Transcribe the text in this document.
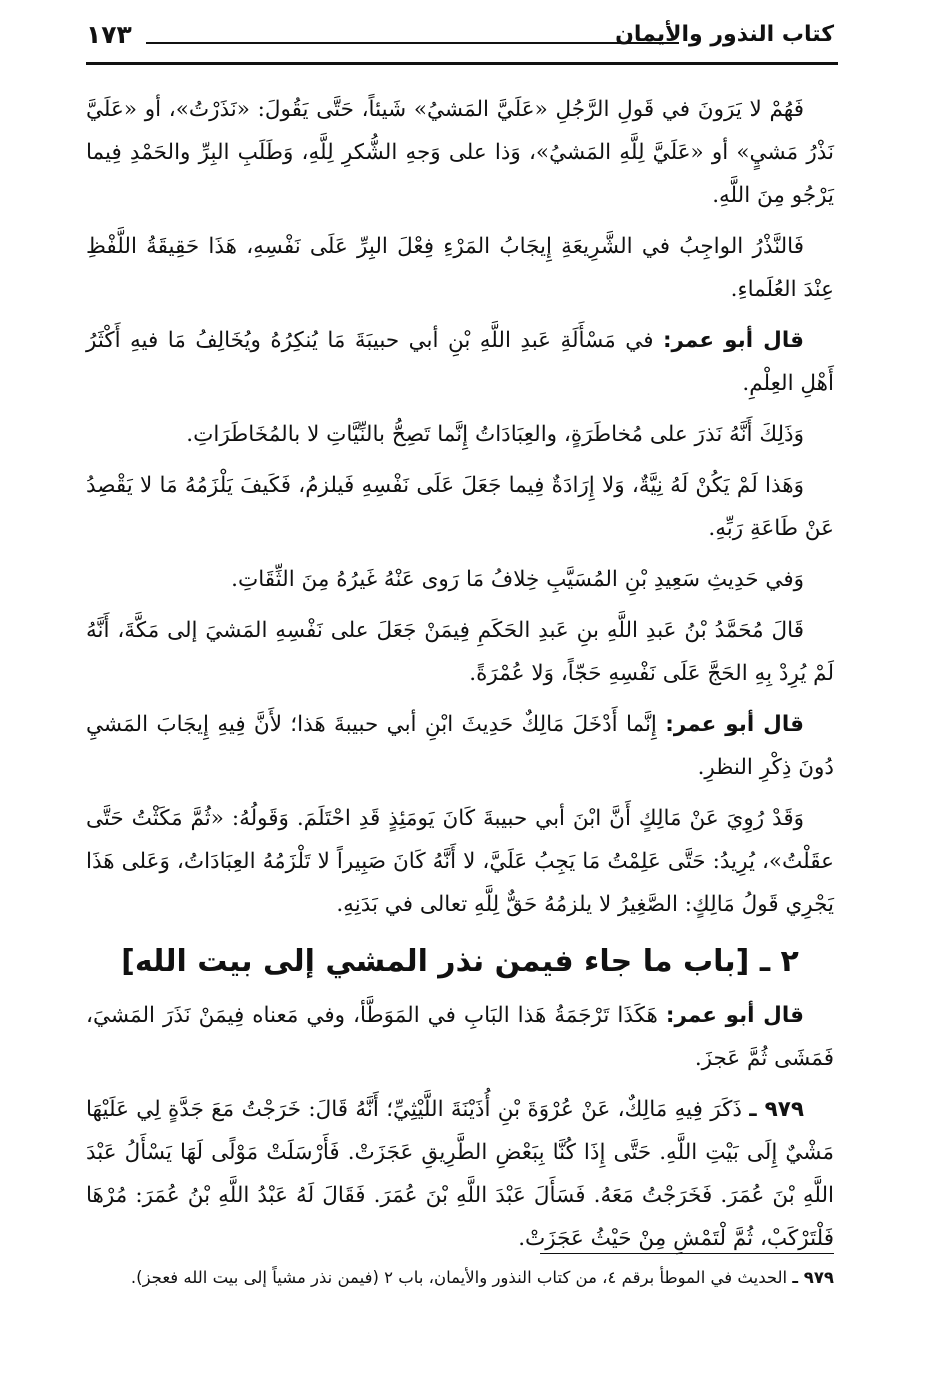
كتاب النذور والأيمان
١٧٣

فَهُمْ لا يَرَونَ في قَولِ الرَّجُلِ «عَلَيَّ المَشيُ» شَيئاً، حَتَّى يَقُولَ: «نَذَرْتُ»، أو «عَلَيَّ نَذْرُ مَشيٍ» أو «عَلَيَّ لِلَّهِ المَشيُ»، وَذا على وَجهِ الشُّكرِ لِلَّهِ، وَطَلَبِ البِرِّ والحَمْدِ فِيما يَرْجُو مِنَ اللَّهِ.

فَالنَّذْرُ الواجِبُ في الشَّرِيعَةِ إِيجَابُ المَرْءِ فِعْلَ البِرِّ عَلَى نَفْسِهِ، هَذَا حَقِيقَةُ اللَّفْظِ عِنْدَ العُلَماءِ.

قال أبو عمر: في مَسْأَلَةِ عَبدِ اللَّهِ بْنِ أبي حبيبَةَ مَا يُنكِرُهُ ويُخَالِفُ مَا فيهِ أَكْثَرُ أَهْلِ العِلْمِ.

وَذَلِكَ أَنَّهُ نَذرَ على مُخاطَرَةٍ، والعِبَادَاتُ إِنَّما تَصِحُّ بالنِّيَّاتِ لا بالمُخَاطَرَاتِ.

وَهَذا لَمْ يَكُنْ لَهُ نِيَّةٌ، وَلا إِرَادَةٌ فِيما جَعَلَ عَلَى نَفْسِهِ فَيلزمُ، فَكَيفَ يَلْزَمُهُ مَا لا يَقْصِدُ عَنْ طَاعَةِ رَبِّهِ.

وَفي حَدِيثِ سَعِيدِ بْنِ المُسَيَّبِ خِلافُ مَا رَوى عَنْهُ غَيرُهُ مِنَ الثِّقَاتِ.

قَالَ مُحَمَّدُ بْنُ عَبدِ اللَّهِ بنِ عَبدِ الحَكَمِ فِيمَنْ جَعَلَ على نَفْسِهِ المَشيَ إلى مَكَّةَ، أَنَّهُ لَمْ يُرِدْ بِهِ الحَجَّ عَلَى نَفْسِهِ حَجّاً، وَلا عُمْرَةً.

قال أبو عمر: إِنَّما أَدْخَلَ مَالِكٌ حَدِيثَ ابْنِ أبي حبيبةَ هَذا؛ لأَنَّ فِيهِ إِيجَابَ المَشيِ دُونَ ذِكْرِ النظرِ.

وَقَدْ رُوِيَ عَنْ مَالِكٍ أَنَّ ابْنَ أبي حبيبةَ كَانَ يَومَئِذٍ قَدِ احْتَلَمَ. وَقَولُهُ: «ثُمَّ مَكَثْتُ حَتَّى عقَلْتُ»، يُرِيدُ: حَتَّى عَلِمْتُ مَا يَجِبُ عَلَيَّ، لا أَنَّهُ كَانَ صَبِيراً لا تَلْزَمُهُ العِبَادَاتُ، وَعَلى هَذَا يَجْرِي قَولُ مَالِكٍ: الصَّغِيرُ لا يلزمُهُ حَقٌّ لِلَّهِ تعالى في بَدَنِهِ.

٢ ـ [باب ما جاء فيمن نذر المشي إلى بيت الله]

قال أبو عمر: هَكَذَا تَرْجَمَةُ هَذا البَابِ في المَوَطَّأ، وفي مَعناه فِيمَنْ نَذَرَ المَشيَ، فَمَشَى ثُمَّ عَجزَ.

٩٧٩ ـ ذَكَرَ فِيهِ مَالِكٌ، عَنْ عُرْوَةَ بْنِ أُذَيْنَةَ اللَّيْثِيِّ؛ أَنَّهُ قَالَ: خَرَجْتُ مَعَ جَدَّةٍ لِي عَلَيْهَا مَشْيٌ إِلَى بَيْتِ اللَّهِ. حَتَّى إِذَا كُنَّا بِبَعْضِ الطَّرِيقِ عَجَزَتْ. فَأَرْسَلَتْ مَوْلًى لَهَا يَسْأَلُ عَبْدَ اللَّهِ بْنَ عُمَرَ. فَخَرَجْتُ مَعَهُ. فَسَأَلَ عَبْدَ اللَّهِ بْنَ عُمَرَ. فَقَالَ لَهُ عَبْدُ اللَّهِ بْنُ عُمَرَ: مُرْهَا فَلْتَرْكَبْ، ثُمَّ لْتَمْشِ مِنْ حَيْثُ عَجَزَتْ.

٩٧٩ ـ الحديث في الموطأ برقم ٤، من كتاب النذور والأيمان، باب ٢ (فيمن نذر مشياً إلى بيت الله فعجز).
